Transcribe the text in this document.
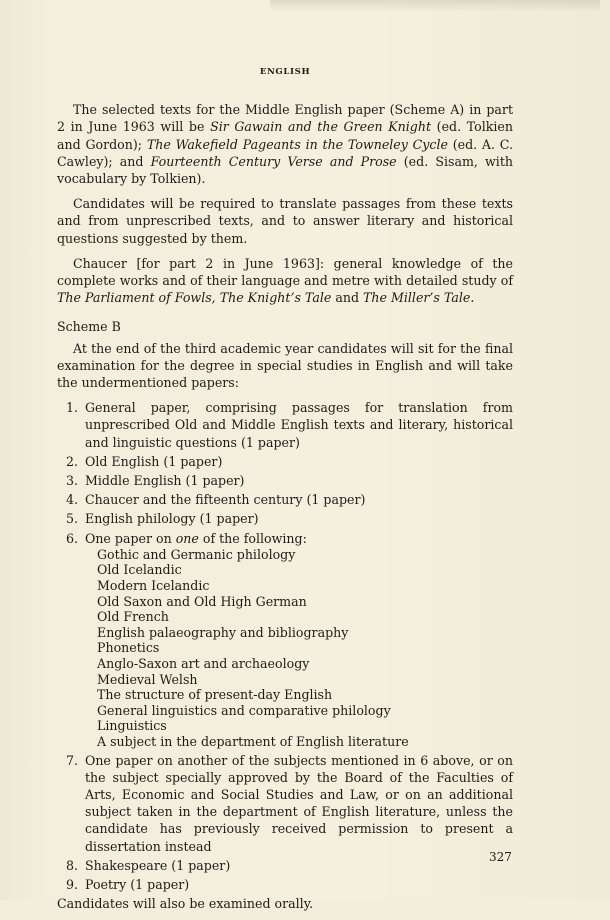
ENGLISH

The selected texts for the Middle English paper (Scheme A) in part 2 in June 1963 will be Sir Gawain and the Green Knight (ed. Tolkien and Gordon); The Wakefield Pageants in the Towneley Cycle (ed. A. C. Cawley); and Fourteenth Century Verse and Prose (ed. Sisam, with vocabulary by Tolkien).

Candidates will be required to translate passages from these texts and from unprescribed texts, and to answer literary and historical questions suggested by them.

Chaucer [for part 2 in June 1963]: general knowledge of the complete works and of their language and metre with detailed study of The Parliament of Fowls, The Knight’s Tale and The Miller’s Tale.

Scheme B

At the end of the third academic year candidates will sit for the final examination for the degree in special studies in English and will take the undermentioned papers:

1. General paper, comprising passages for translation from unprescribed Old and Middle English texts and literary, historical and linguistic questions (1 paper)
2. Old English (1 paper)
3. Middle English (1 paper)
4. Chaucer and the fifteenth century (1 paper)
5. English philology (1 paper)
6. One paper on one of the following:
Gothic and Germanic philology
Old Icelandic
Modern Icelandic
Old Saxon and Old High German
Old French
English palaeography and bibliography
Phonetics
Anglo-Saxon art and archaeology
Medieval Welsh
The structure of present-day English
General linguistics and comparative philology
Linguistics
A subject in the department of English literature
7. One paper on another of the subjects mentioned in 6 above, or on the subject specially approved by the Board of the Faculties of Arts, Economic and Social Studies and Law, or on an additional subject taken in the department of English literature, unless the candidate has previously received permission to present a dissertation instead
8. Shakespeare (1 paper)
9. Poetry (1 paper)

Candidates will also be examined orally.

327
